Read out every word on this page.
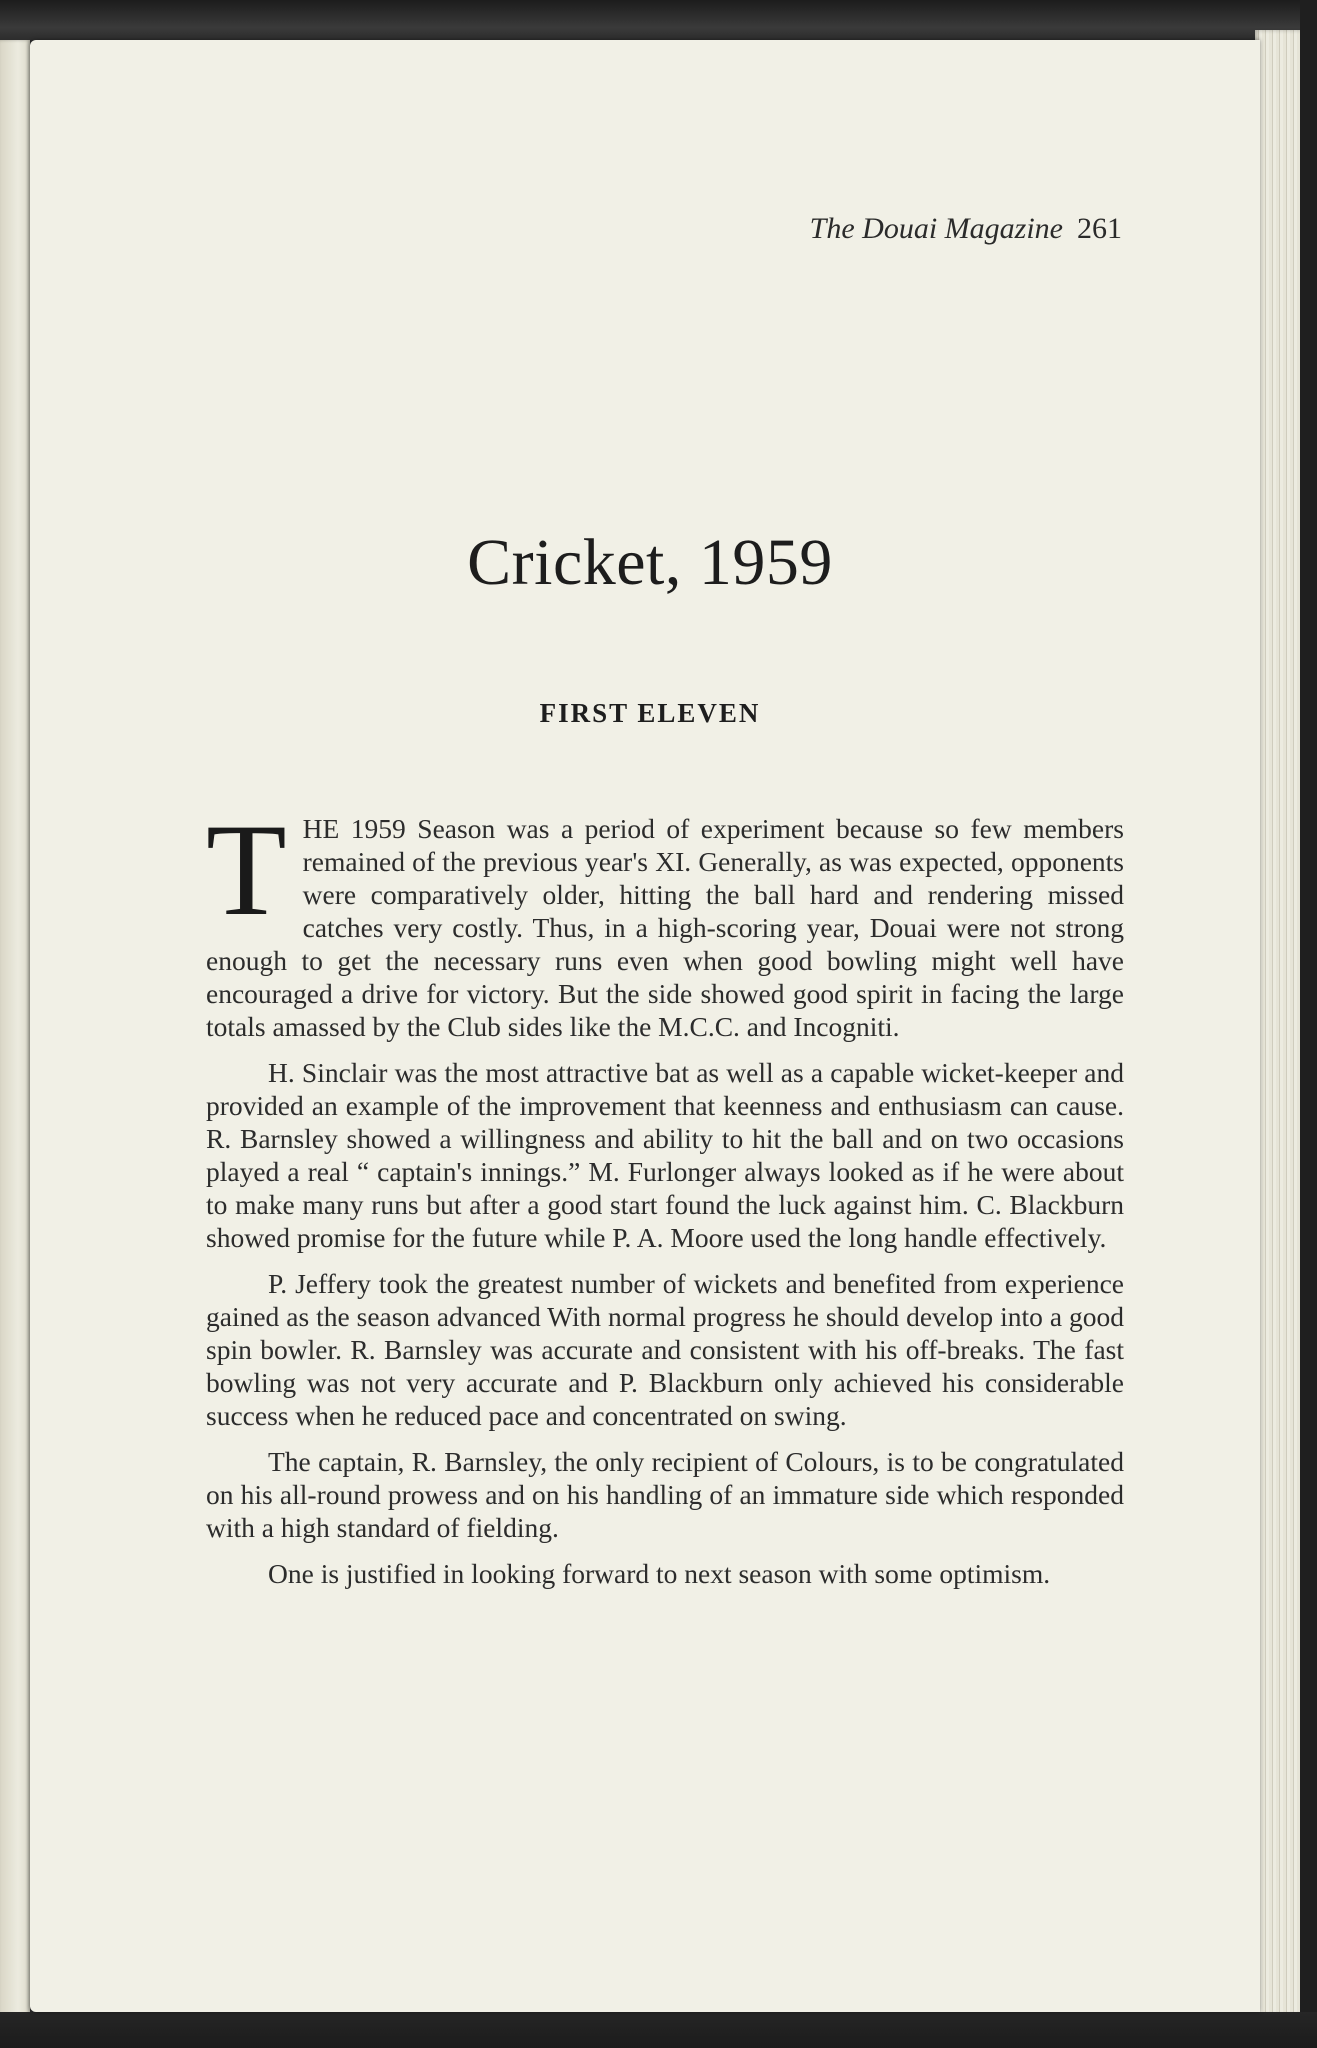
The Douai Magazine 261
Cricket, 1959
FIRST ELEVEN

THE 1959 Season was a period of experiment because so few members remained of the previous year's XI. Generally, as was expected, opponents were comparatively older, hitting the ball hard and rendering missed catches very costly. Thus, in a high-scoring year, Douai were not strong enough to get the necessary runs even when good bowling might well have encouraged a drive for victory. But the side showed good spirit in facing the large totals amassed by the Club sides like the M.C.C. and Incogniti.

H. Sinclair was the most attractive bat as well as a capable wicket-keeper and provided an example of the improvement that keenness and enthusiasm can cause. R. Barnsley showed a willingness and ability to hit the ball and on two occasions played a real “ captain's innings.” M. Furlonger always looked as if he were about to make many runs but after a good start found the luck against him. C. Blackburn showed promise for the future while P. A. Moore used the long handle effectively.

P. Jeffery took the greatest number of wickets and benefited from experience gained as the season advanced With normal progress he should develop into a good spin bowler. R. Barnsley was accurate and consistent with his off-breaks. The fast bowling was not very accurate and P. Blackburn only achieved his considerable success when he reduced pace and concentrated on swing.

The captain, R. Barnsley, the only recipient of Colours, is to be congratulated on his all-round prowess and on his handling of an immature side which responded with a high standard of fielding.

One is justified in looking forward to next season with some optimism.
